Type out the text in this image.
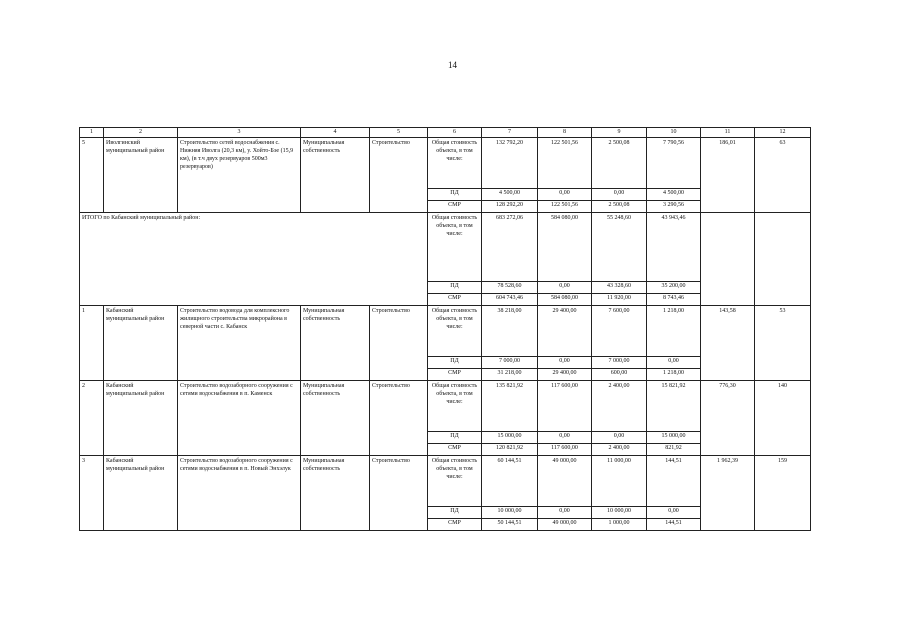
14
1	2	3	4	5	6	7	8	9	10	11	12
5	Иволгинский муниципальный район	Строительство сетей водоснабжения с. Нижняя Иволга (20,3 км), у. Хойто-Бэе (15,9 км), (в т.ч двух резервуаров 500м3 резервуаров)	Муниципальная собственность	Строительство	Общая стоимость объекта, в том числе:	132 792,20	122 501,56	2 500,08	7 790,56	186,01	63
					ПД	4 500,00	0,00	0,00	4 500,00		
					СМР	128 292,20	122 501,56	2 500,08	3 290,56		
ИТОГО по Кабанский муниципальный район:					Общая стоимость объекта, в том числе:	683 272,06	584 080,00	55 248,60	43 943,46		
					ПД	78 528,60	0,00	43 328,60	35 200,00		
					СМР	604 743,46	584 080,00	11 920,00	8 743,46		
1	Кабанский муниципальный район	Строительство водовода для комплексного жилищного строительства микрорайона в северной части с. Кабанск	Муниципальная собственность	Строительство	Общая стоимость объекта, в том числе:	38 218,00	29 400,00	7 600,00	1 218,00	143,58	53
					ПД	7 000,00	0,00	7 000,00	0,00		
					СМР	31 218,00	29 400,00	600,00	1 218,00		
2	Кабанский муниципальный район	Строительство водозаборного сооружения с сетями водоснабжения в п. Каменск	Муниципальная собственность	Строительство	Общая стоимость объекта, в том числе:	135 821,92	117 600,00	2 400,00	15 821,92	776,30	140
					ПД	15 000,00	0,00	0,00	15 000,00		
					СМР	120 821,92	117 600,00	2 400,00	821,92		
3	Кабанский муниципальный район	Строительство водозаборного сооружения с сетями водоснабжения в п. Новый Энхэлук	Муниципальная собственность	Строительство	Общая стоимость объекта, в том числе:	60 144,51	49 000,00	11 000,00	144,51	1 962,39	159
					ПД	10 000,00	0,00	10 000,00	0,00		
					СМР	50 144,51	49 000,00	1 000,00	144,51		
